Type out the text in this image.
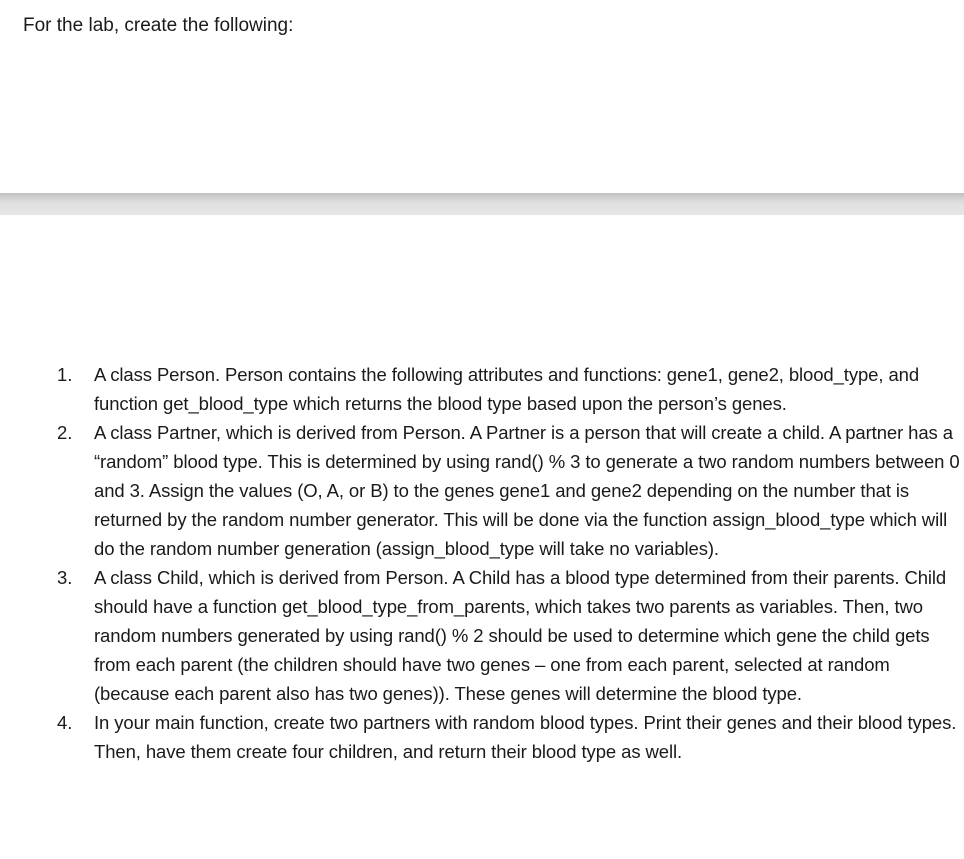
For the lab, create the following:

1. A class Person. Person contains the following attributes and functions: gene1, gene2, blood_type, and function get_blood_type which returns the blood type based upon the person’s genes.
2. A class Partner, which is derived from Person. A Partner is a person that will create a child. A partner has a “random” blood type. This is determined by using rand() % 3 to generate a two random numbers between 0 and 3. Assign the values (O, A, or B) to the genes gene1 and gene2 depending on the number that is returned by the random number generator. This will be done via the function assign_blood_type which will do the random number generation (assign_blood_type will take no variables).
3. A class Child, which is derived from Person. A Child has a blood type determined from their parents. Child should have a function get_blood_type_from_parents, which takes two parents as variables. Then, two random numbers generated by using rand() % 2 should be used to determine which gene the child gets from each parent (the children should have two genes – one from each parent, selected at random (because each parent also has two genes)). These genes will determine the blood type.
4. In your main function, create two partners with random blood types. Print their genes and their blood types. Then, have them create four children, and return their blood type as well.
